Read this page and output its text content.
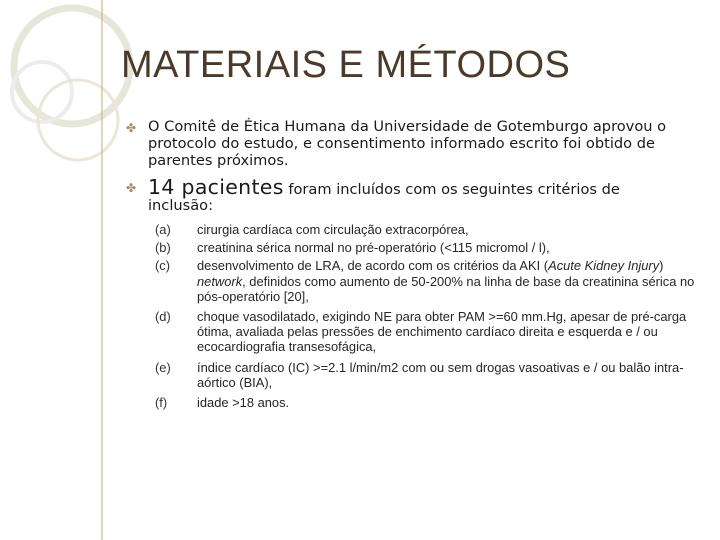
MATERIAIS E MÉTODOS
✤ O Comitê de Ética Humana da Universidade de Gotemburgo aprovou o protocolo do estudo, e consentimento informado escrito foi obtido de parentes próximos.
✤ 14 pacientes foram incluídos com os seguintes critérios de
inclusão:
(a)	cirurgia cardíaca com circulação extracorpórea,
(b)	creatinina sérica normal no pré-operatório (<115 micromol / l),
(c)	desenvolvimento de LRA, de acordo com os critérios da AKI (Acute Kidney Injury) network, definidos como aumento de 50-200% na linha de base da creatinina sérica no pós-operatório [20],
(d)	choque vasodilatado, exigindo NE para obter PAM >=60 mm.Hg, apesar de pré-carga ótima, avaliada pelas pressões de enchimento cardíaco direita e esquerda e / ou ecocardiografia transesofágica,
(e)	índice cardíaco (IC) >=2.1 l/min/m2 com ou sem drogas vasoativas e / ou balão intra-aórtico (BIA),
(f)	idade >18 anos.
